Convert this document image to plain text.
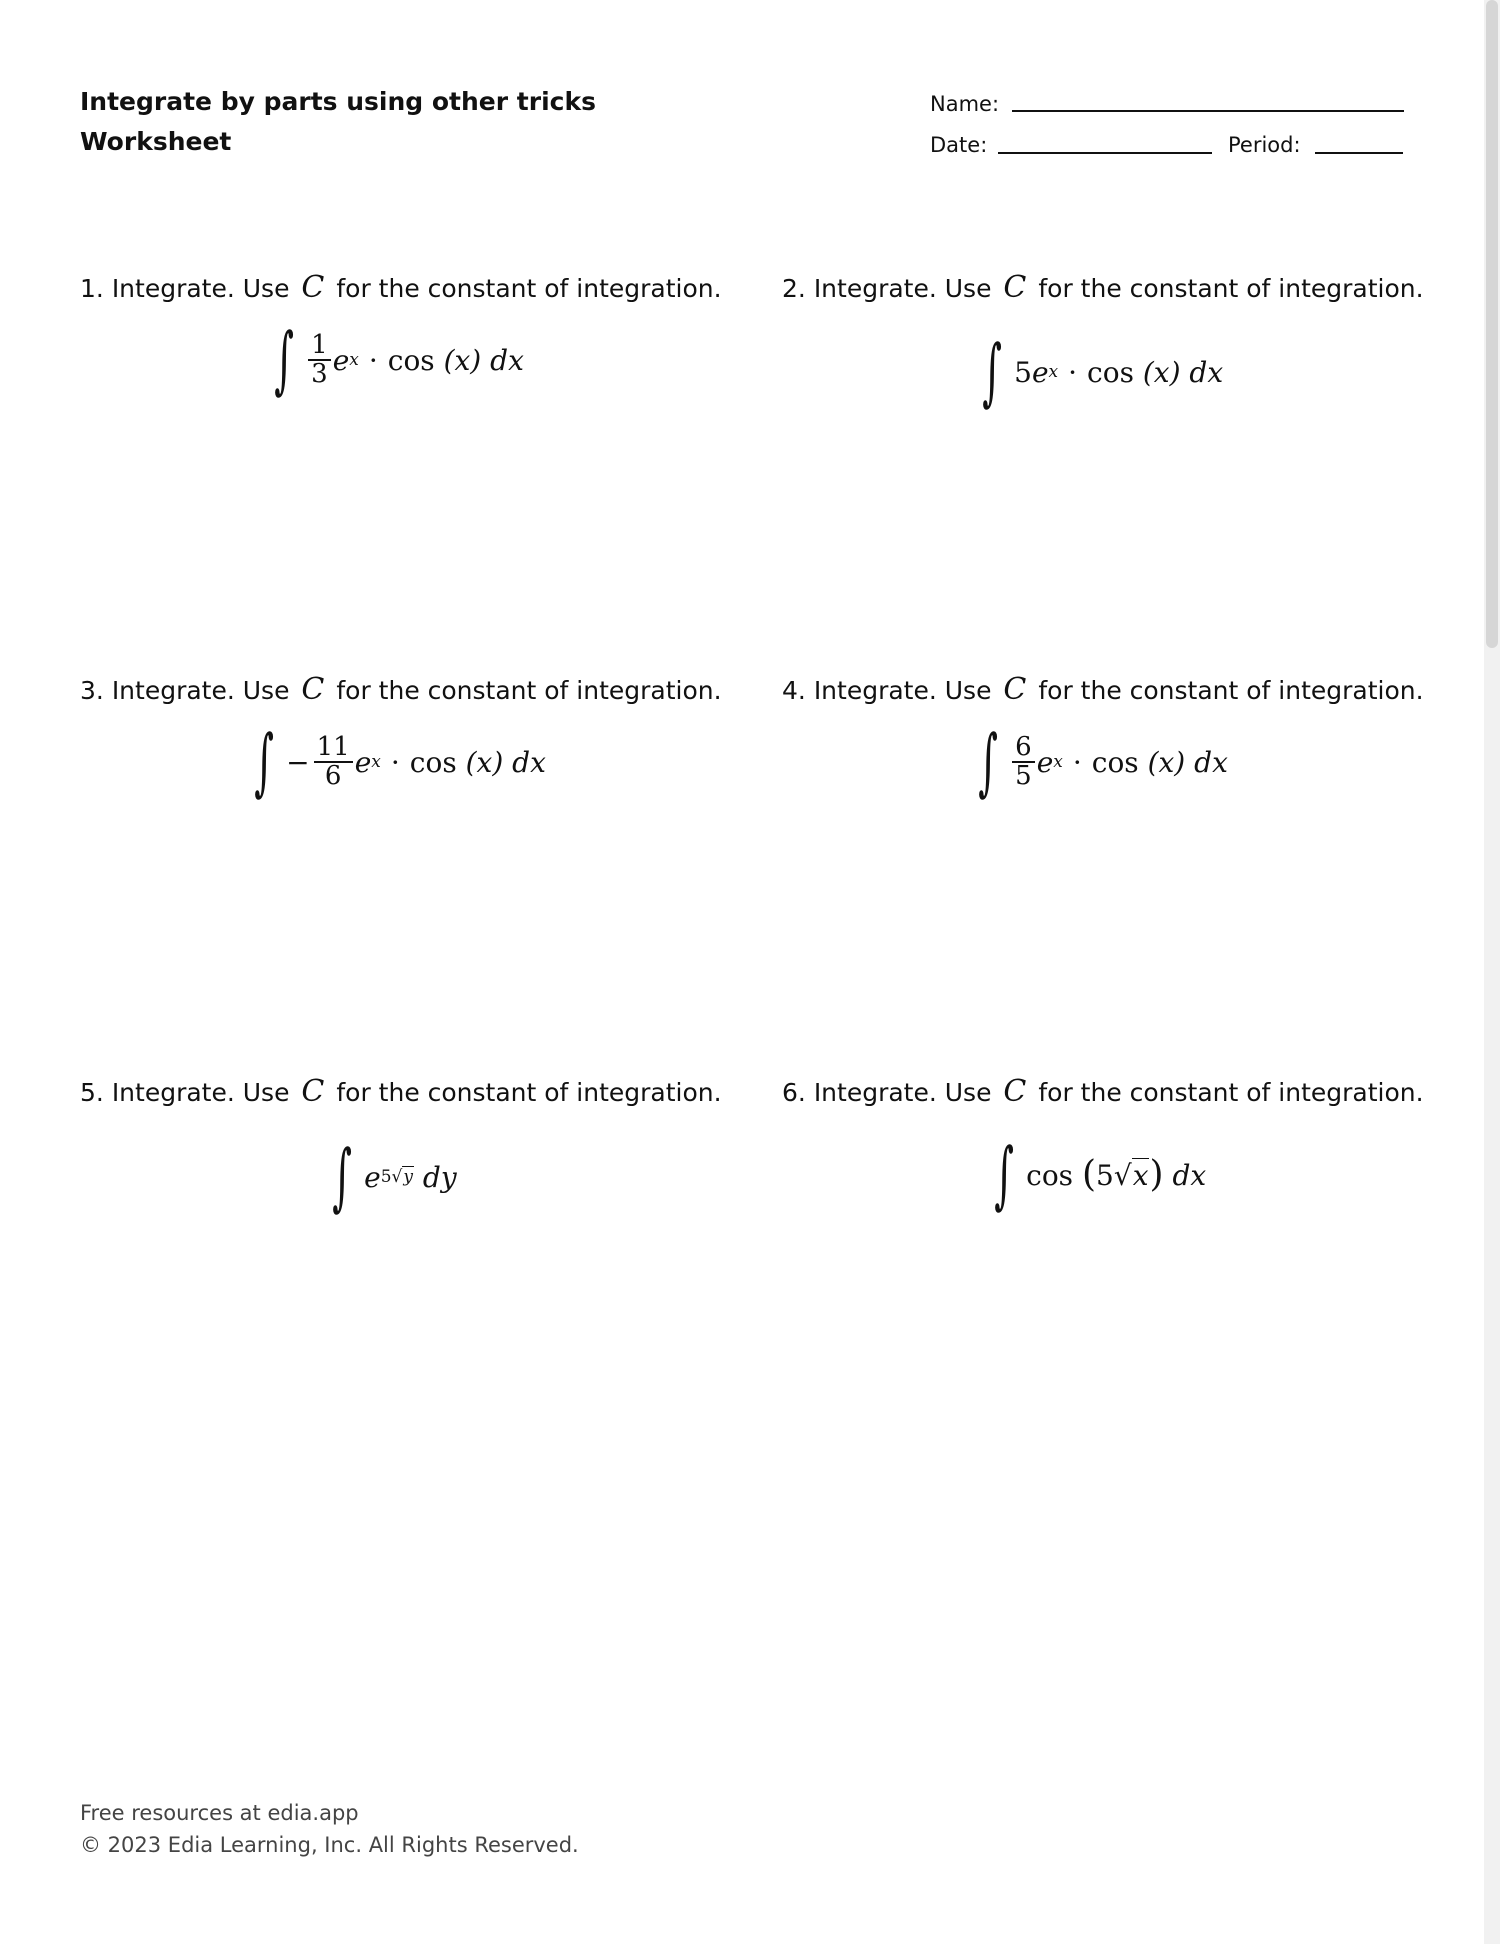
Integrate by parts using other tricks
Worksheet
Name:
Date:	Period:
1. Integrate. Use C for the constant of integration.
∫ $\frac{1}{3}$ e x · cos
(x)
dx
2. Integrate. Use C for the constant of integration.
∫ 5 e x · cos
(x)
dx
3. Integrate. Use C for the constant of integration.
∫ − $\frac{11}{6}$ e x · cos
(x)
dx
4. Integrate. Use C for the constant of integration.
∫ $\frac{6}{5}$ e x · cos
(x)
dx
5. Integrate. Use C for the constant of integration.
∫ e 5√y
dy
6. Integrate. Use C for the constant of integration.
∫ cos
( 5 √ x )
dx
Free resources at edia.app
© 2023 Edia Learning, Inc. All Rights Reserved.
